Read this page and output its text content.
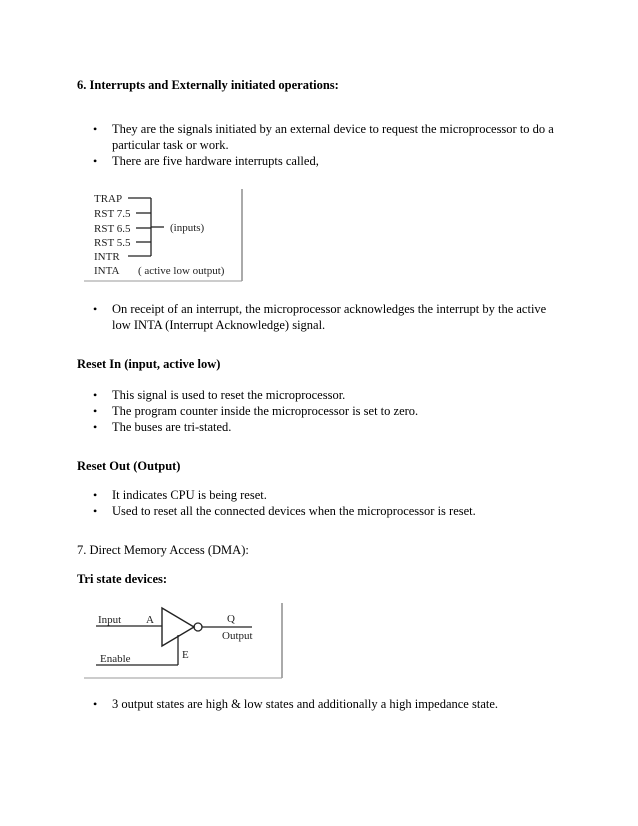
6. Interrupts and Externally initiated operations:
• They are the signals initiated by an external device to request the microprocessor to do a particular task or work.
• There are five hardware interrupts called,
TRAP
RST 7.5
RST 6.5
RST 5.5
INTR
INTA
(inputs)
( active low output)
• On receipt of an interrupt, the microprocessor acknowledges the interrupt by the active low INTA (Interrupt Acknowledge) signal.
Reset In (input, active low)
• This signal is used to reset the microprocessor.
• The program counter inside the microprocessor is set to zero.
• The buses are tri-stated.
Reset Out (Output)
• It indicates CPU is being reset.
• Used to reset all the connected devices when the microprocessor is reset.
7. Direct Memory Access (DMA):
Tri state devices:
Input A	Q
Output
Enable	E
• 3 output states are high & low states and additionally a high impedance state.
